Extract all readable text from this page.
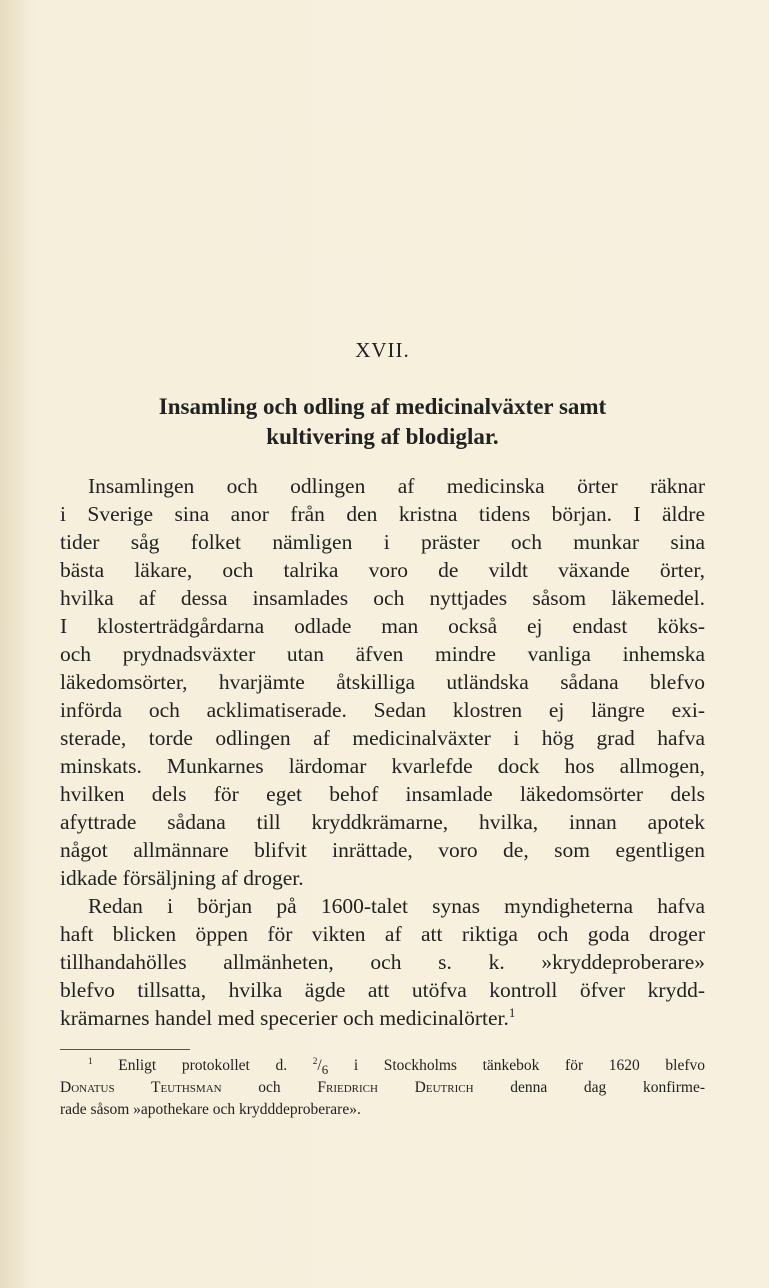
XVII.
Insamling och odling af medicinalväxter samt
kultivering af blodiglar.
Insamlingen och odlingen af medicinska örter räknar
i Sverige sina anor från den kristna tidens början. I äldre
tider såg folket nämligen i präster och munkar sina
bästa läkare, och talrika voro de vildt växande örter,
hvilka af dessa insamlades och nyttjades såsom läkemedel.
I klosterträdgårdarna odlade man också ej endast köks-
och prydnadsväxter utan äfven mindre vanliga inhemska
läkedomsörter, hvarjämte åtskilliga utländska sådana blefvo
införda och acklimatiserade. Sedan klostren ej längre exi-
sterade, torde odlingen af medicinalväxter i hög grad hafva
minskats. Munkarnes lärdomar kvarlefde dock hos allmogen,
hvilken dels för eget behof insamlade läkedomsörter dels
afyttrade sådana till kryddkrämarne, hvilka, innan apotek
något allmännare blifvit inrättade, voro de, som egentligen
idkade försäljning af droger.
Redan i början på 1600-talet synas myndigheterna hafva
haft blicken öppen för vikten af att riktiga och goda droger
tillhandahölles allmänheten, och s. k. »kryddeproberare»
blefvo tillsatta, hvilka ägde att utöfva kontroll öfver krydd-
krämarnes handel med specerier och medicinalörter.$^1$
$^1$ Enligt protokollet d.	$^2/_6$ i Stockholms tänkebok för 1620 blefvo
Donatus Teuthsman och Friedrich Deutrich denna dag konfirme-
rade såsom »apothekare och krydddeproberare».
